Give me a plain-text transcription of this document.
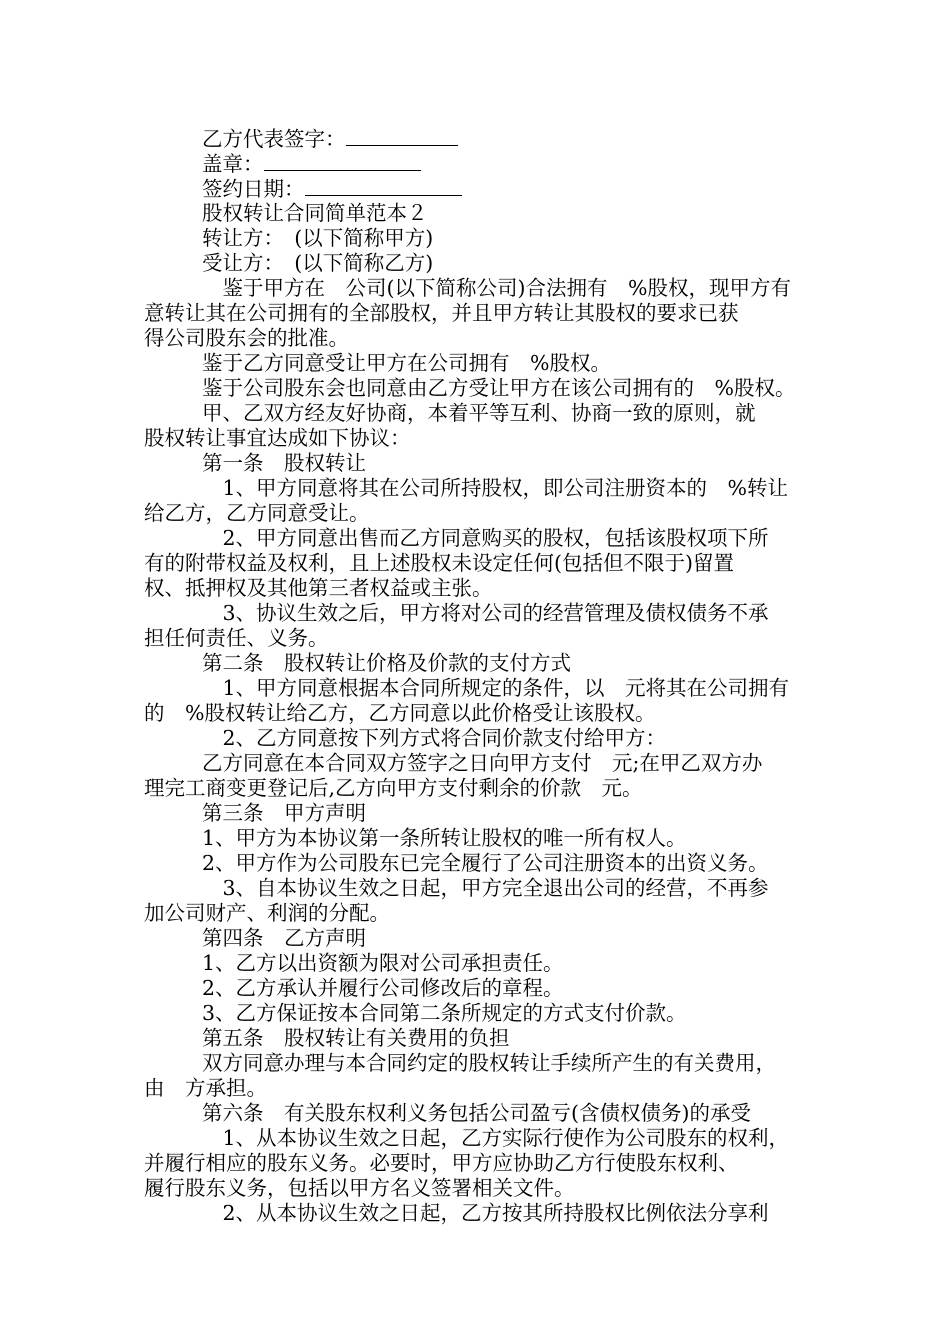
乙方代表签字：
盖章：
签约日期：
股权转让合同简单范本２
转让方：　(以下简称甲方)
受让方：　(以下简称乙方)
　鉴于甲方在　公司(以下简称公司)合法拥有　%股权，现甲方有
意转让其在公司拥有的全部股权，并且甲方转让其股权的要求已获
得公司股东会的批准。
鉴于乙方同意受让甲方在公司拥有　%股权。
鉴于公司股东会也同意由乙方受让甲方在该公司拥有的　%股权。
甲、乙双方经友好协商，本着平等互利、协商一致的原则，就
股权转让事宜达成如下协议：
第一条　股权转让
　1、甲方同意将其在公司所持股权，即公司注册资本的　%转让
给乙方，乙方同意受让。
　2、甲方同意出售而乙方同意购买的股权，包括该股权项下所
有的附带权益及权利，且上述股权未设定任何(包括但不限于)留置
权、抵押权及其他第三者权益或主张。
　3、协议生效之后，甲方将对公司的经营管理及债权债务不承
担任何责任、义务。
第二条　股权转让价格及价款的支付方式
　1、甲方同意根据本合同所规定的条件，以　元将其在公司拥有
的　%股权转让给乙方，乙方同意以此价格受让该股权。
　2、乙方同意按下列方式将合同价款支付给甲方：
乙方同意在本合同双方签字之日向甲方支付　元;在甲乙双方办
理完工商变更登记后,乙方向甲方支付剩余的价款　元。
第三条　甲方声明
1、甲方为本协议第一条所转让股权的唯一所有权人。
2、甲方作为公司股东已完全履行了公司注册资本的出资义务。
　3、自本协议生效之日起，甲方完全退出公司的经营，不再参
加公司财产、利润的分配。
第四条　乙方声明
1、乙方以出资额为限对公司承担责任。
2、乙方承认并履行公司修改后的章程。
3、乙方保证按本合同第二条所规定的方式支付价款。
第五条　股权转让有关费用的负担
双方同意办理与本合同约定的股权转让手续所产生的有关费用，
由　方承担。
第六条　有关股东权利义务包括公司盈亏(含债权债务)的承受
　1、从本协议生效之日起，乙方实际行使作为公司股东的权利，
并履行相应的股东义务。必要时，甲方应协助乙方行使股东权利、
履行股东义务，包括以甲方名义签署相关文件。
　2、从本协议生效之日起，乙方按其所持股权比例依法分享利
